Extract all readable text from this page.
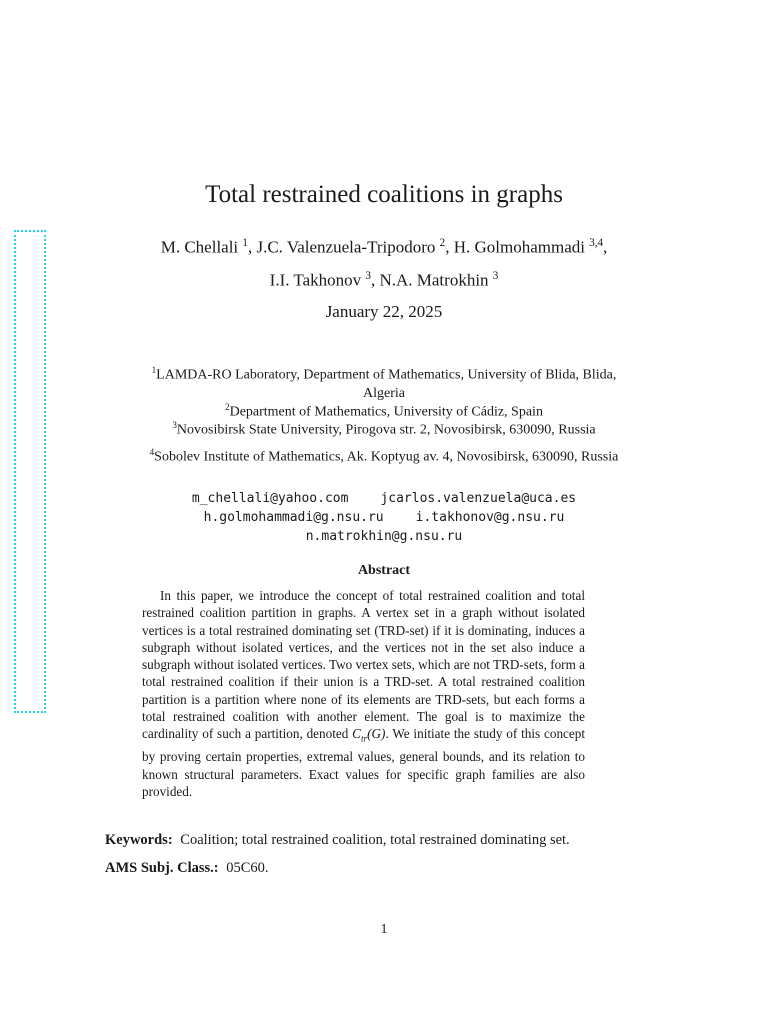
Total restrained coalitions in graphs
M. Chellali $^1$, J.C. Valenzuela-Tripodoro $^2$, H. Golmohammadi $^{3,4}$,
I.I. Takhonov $^3$, N.A. Matrokhin $^3$
January 22, 2025
$^1$LAMDA-RO Laboratory, Department of Mathematics, University of Blida, Blida, Algeria
$^2$Department of Mathematics, University of Cádiz, Spain
$^3$Novosibirsk State University, Pirogova str. 2, Novosibirsk, 630090, Russia
$^4$Sobolev Institute of Mathematics, Ak. Koptyug av. 4, Novosibirsk, 630090, Russia
m_chellali@yahoo.com jcarlos.valenzuela@uca.es
h.golmohammadi@g.nsu.ru i.takhonov@g.nsu.ru
n.matrokhin@g.nsu.ru
Abstract

In this paper, we introduce the concept of total restrained coalition and total restrained coalition partition in graphs. A vertex set in a graph without isolated vertices is a total restrained dominating set (TRD-set) if it is dominating, induces a subgraph without isolated vertices, and the vertices not in the set also induce a subgraph without isolated vertices. Two vertex sets, which are not TRD-sets, form a total restrained coalition if their union is a TRD-set. A total restrained coalition partition is a partition where none of its elements are TRD-sets, but each forms a total restrained coalition with another element. The goal is to maximize the cardinality of such a partition, denoted $C_{tr}(G)$. We initiate the study of this concept by proving certain properties, extremal values, general bounds, and its relation to known structural parameters. Exact values for specific graph families are also provided.

Keywords: Coalition; total restrained coalition, total restrained dominating set.
AMS Subj. Class.: 05C60.
1
